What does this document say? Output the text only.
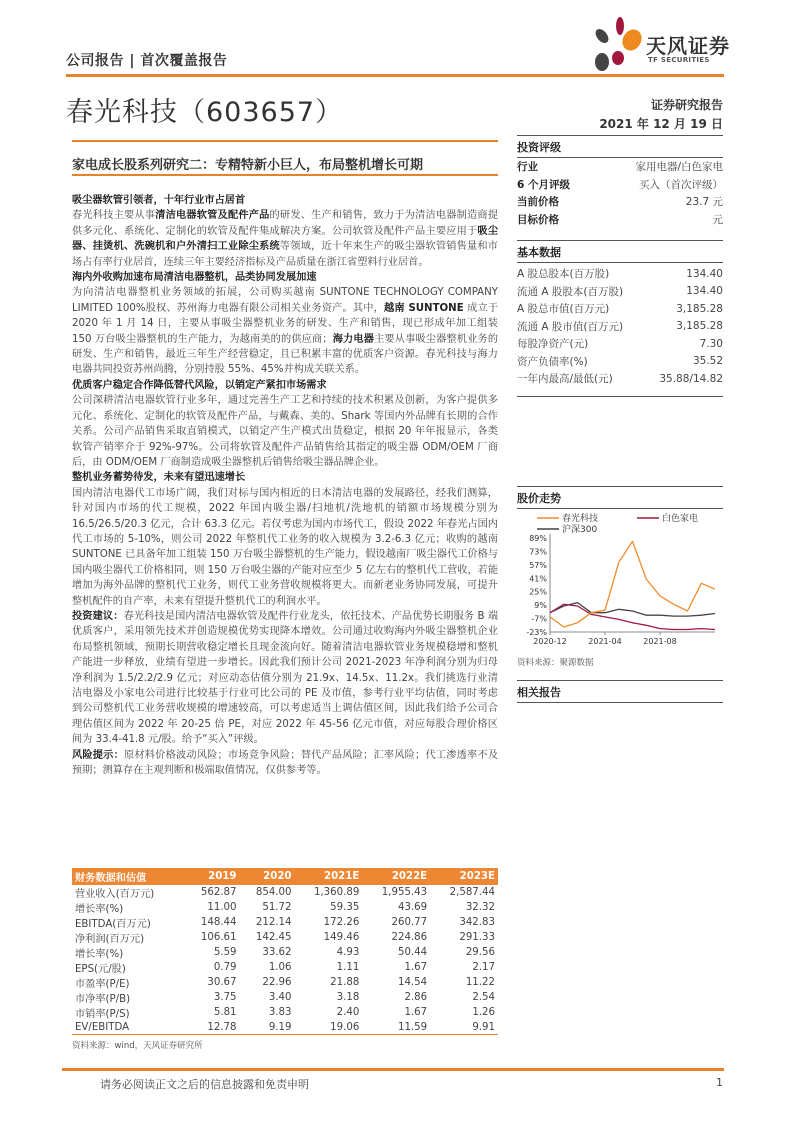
公司报告 | 首次覆盖报告
天风证券
TF SECURITIES
春光科技（603657）	证券研究报告
2021 年 12 月 19 日
家电成长股系列研究二：专精特新小巨人，布局整机增长可期
吸尘器软管引领者，十年行业市占居首
春光科技主要从事清洁电器软管及配件产品的研发、生产和销售，致力于为清洁电器制造商提供多元化、系统化、定制化的软管及配件集成解决方案。公司软管及配件产品主要应用于吸尘器、挂烫机、洗碗机和户外清扫工业除尘系统等领域，近十年来生产的吸尘器软管销售量和市场占有率行业居首，连续三年主要经济指标及产品质量在浙江省塑料行业居首。
海内外收购加速布局清洁电器整机，品类协同发展加速
为向清洁电器整机业务领域的拓展，公司购买越南 SUNTONE TECHNOLOGY COMPANY LIMITED 100%股权、苏州海力电器有限公司相关业务资产。其中，越南 SUNTONE 成立于 2020 年 1 月 14 日，主要从事吸尘器整机业务的研发、生产和销售，现已形成年加工组装 150 万台吸尘器整机的生产能力，为越南美的的供应商；海力电器主要从事吸尘器整机业务的研发、生产和销售，最近三年生产经营稳定，且已积累丰富的优质客户资源。春光科技与海力电器共同投资苏州尚腾，分别持股 55%、45%并构成关联关系。
优质客户稳定合作降低替代风险，以销定产紧扣市场需求
公司深耕清洁电器软管行业多年，通过完善生产工艺和持续的技术积累及创新，为客户提供多元化、系统化、定制化的软管及配件产品，与戴森、美的、Shark 等国内外品牌有长期的合作关系。公司产品销售采取直销模式，以销定产生产模式出货稳定，根据 20 年年报显示，各类软管产销率介于 92%-97%。公司将软管及配件产品销售给其指定的吸尘器 ODM/OEM 厂商后，由 ODM/OEM 厂商制造成吸尘器整机后销售给吸尘器品牌企业。
整机业务蓄势待发，未来有望迅速增长
国内清洁电器代工市场广阔，我们对标与国内相近的日本清洁电器的发展路径，经我们测算，针对国内市场的代工规模，2022 年国内吸尘器/扫地机/洗地机的销额市场规模分别为 16.5/26.5/20.3 亿元，合计 63.3 亿元。若仅考虑为国内市场代工，假设 2022 年春光占国内代工市场的 5-10%，则公司 2022 年整机代工业务的收入规模为 3.2-6.3 亿元；收购的越南 SUNTONE 已具备年加工组装 150 万台吸尘器整机的生产能力，假设越南厂吸尘器代工价格与国内吸尘器代工价格相同，则 150 万台吸尘器的产能对应至少 5 亿左右的整机代工营收，若能增加为海外品牌的整机代工业务，则代工业务营收规模将更大。而新老业务协同发展，可提升整机配件的自产率，未来有望提升整机代工的利润水平。
投资建议：春光科技是国内清洁电器软管及配件行业龙头，依托技术、产品优势长期服务 B 端优质客户，采用领先技术并创造规模优势实现降本增效。公司通过收购海内外吸尘器整机企业布局整机领域，预期长期营收稳定增长且现金流向好。随着清洁电器软管业务规模稳增和整机产能进一步释放，业绩有望进一步增长。因此我们预计公司 2021-2023 年净利润分别为归母净利润为 1.5/2.2/2.9 亿元；对应动态估值分别为 21.9x、14.5x、11.2x。我们挑选行业清洁电器及小家电公司进行比较基于行业可比公司的 PE 及市值，参考行业平均估值，同时考虑到公司整机代工业务营收规模的增速较高，可以考虑适当上调估值区间，因此我们给予公司合理估值区间为 2022 年 20-25 倍 PE，对应 2022 年 45-56 亿元市值，对应每股合理价格区间为 33.4-41.8 元/股。给予“买入”评级。
风险提示：原材料价格波动风险；市场竞争风险；替代产品风险；汇率风险；代工渗透率不及预期；测算存在主观判断和极端取值情况，仅供参考等。
财务数据和估值	2019	2020	2021E	2022E	2023E
营业收入(百万元)	562.87	854.00	1,360.89	1,955.43	2,587.44
增长率(%)	11.00	51.72	59.35	43.69	32.32
EBITDA(百万元)	148.44	212.14	172.26	260.77	342.83
净利润(百万元)	106.61	142.45	149.46	224.86	291.33
增长率(%)	5.59	33.62	4.93	50.44	29.56
EPS(元/股)	0.79	1.06	1.11	1.67	2.17
市盈率(P/E)	30.67	22.96	21.88	14.54	11.22
市净率(P/B)	3.75	3.40	3.18	2.86	2.54
市销率(P/S)	5.81	3.83	2.40	1.67	1.26
EV/EBITDA	12.78	9.19	19.06	11.59	9.91
资料来源：wind，天风证券研究所
投资评级
行业	家用电器/白色家电
6 个月评级	买入（首次评级）
当前价格	23.7 元
目标价格	元
基本数据
A 股总股本(百万股)	134.40
流通 A 股股本(百万股)	134.40
A 股总市值(百万元)	3,185.28
流通 A 股市值(百万元)	3,185.28
每股净资产(元)	7.30
资产负债率(%)	35.52
一年内最高/最低(元)	35.88/14.82
股价走势
春光科技	白色家电
沪深300
89%
73%
57%
41%
25%
9%
-7%
-23%
2020-12	2021-04	2021-08
资料来源：聚源数据
相关报告
请务必阅读正文之后的信息披露和免责申明	1
